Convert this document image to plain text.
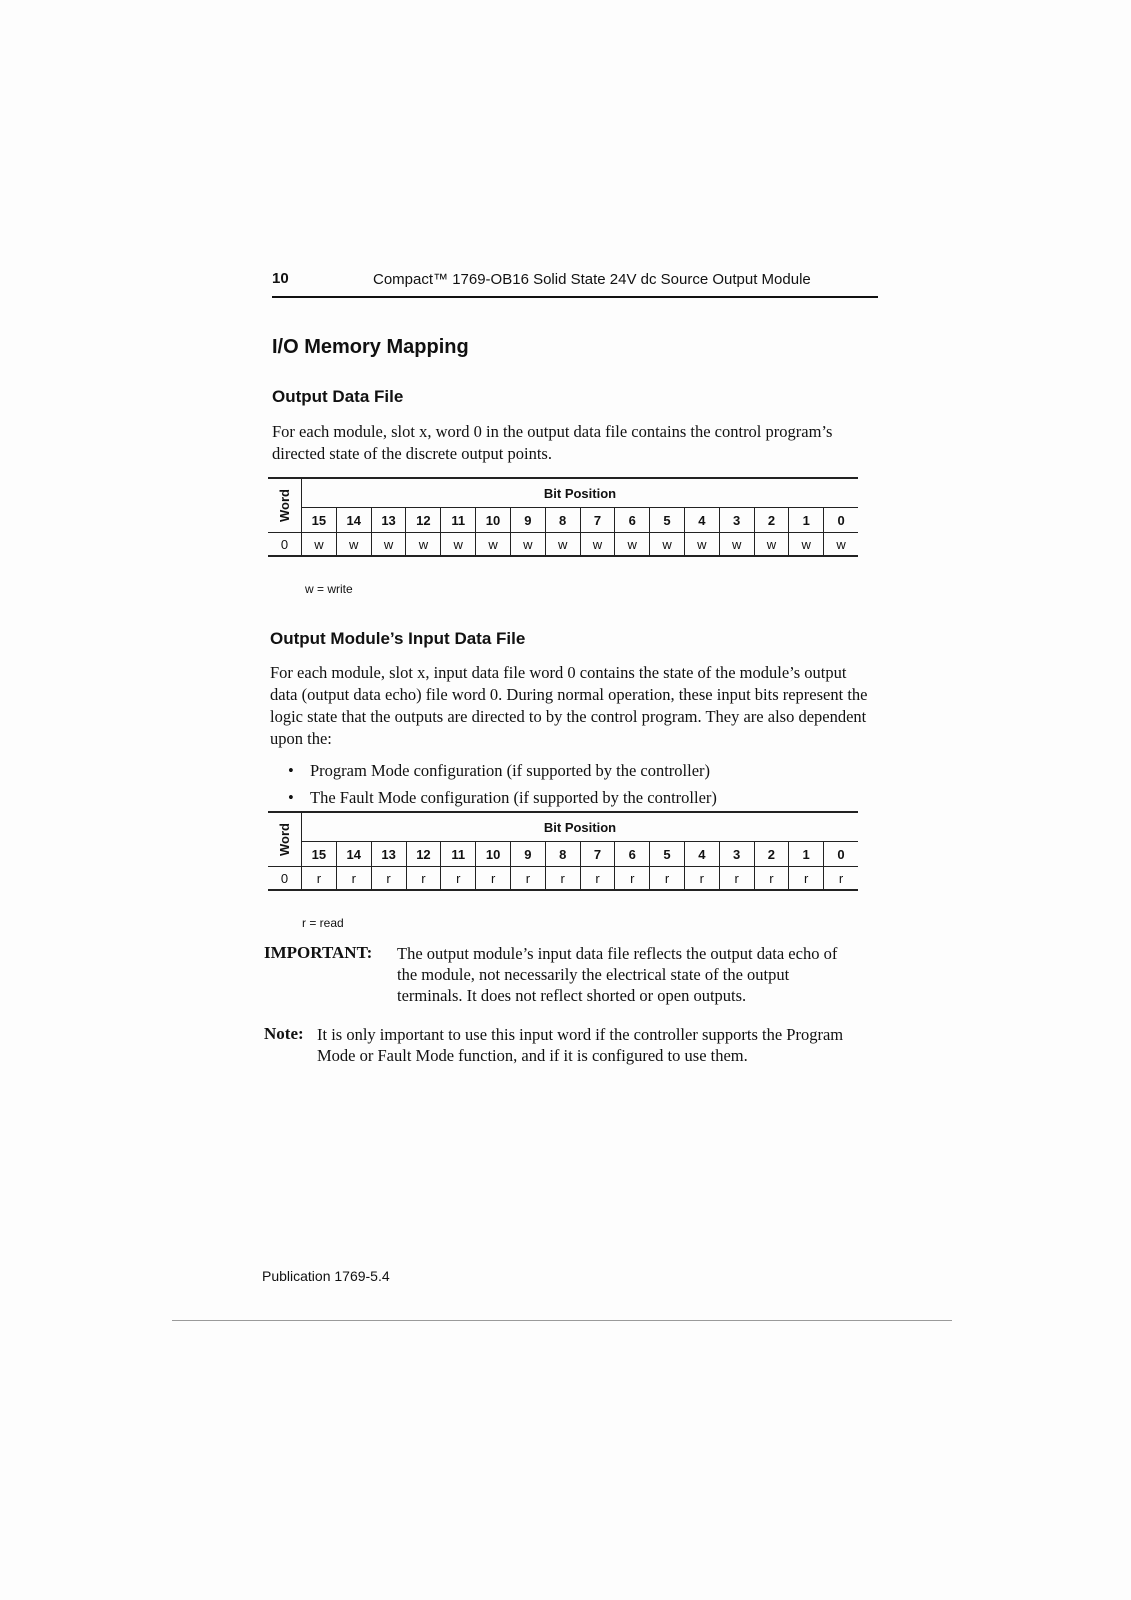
10	Compact™ 1769-OB16 Solid State 24V dc Source Output Module
I/O Memory Mapping
Output Data File

For each module, slot x, word 0 in the output data file contains the control program’s directed state of the discrete output points.

Word	Bit Position															
	15	14	13	12	11	10	9	8	7	6	5	4	3	2	1	0
0	w	w	w	w	w	w	w	w	w	w	w	w	w	w	w	w
w = write
Output Module’s Input Data File

For each module, slot x, input data file word 0 contains the state of the module’s output data (output data echo) file word 0. During normal operation, these input bits represent the logic state that the outputs are directed to by the control program. They are also dependent upon the:

• Program Mode configuration (if supported by the controller)
• The Fault Mode configuration (if supported by the controller)
Word	Bit Position															
	15	14	13	12	11	10	9	8	7	6	5	4	3	2	1	0
0	r	r	r	r	r	r	r	r	r	r	r	r	r	r	r	r
r = read
IMPORTANT: The output module’s input data file reflects the output data echo of the module, not necessarily the electrical state of the output terminals. It does not reflect shorted or open outputs.

Note: It is only important to use this input word if the controller supports the Program Mode or Fault Mode function, and if it is configured to use them.

Publication 1769-5.4
